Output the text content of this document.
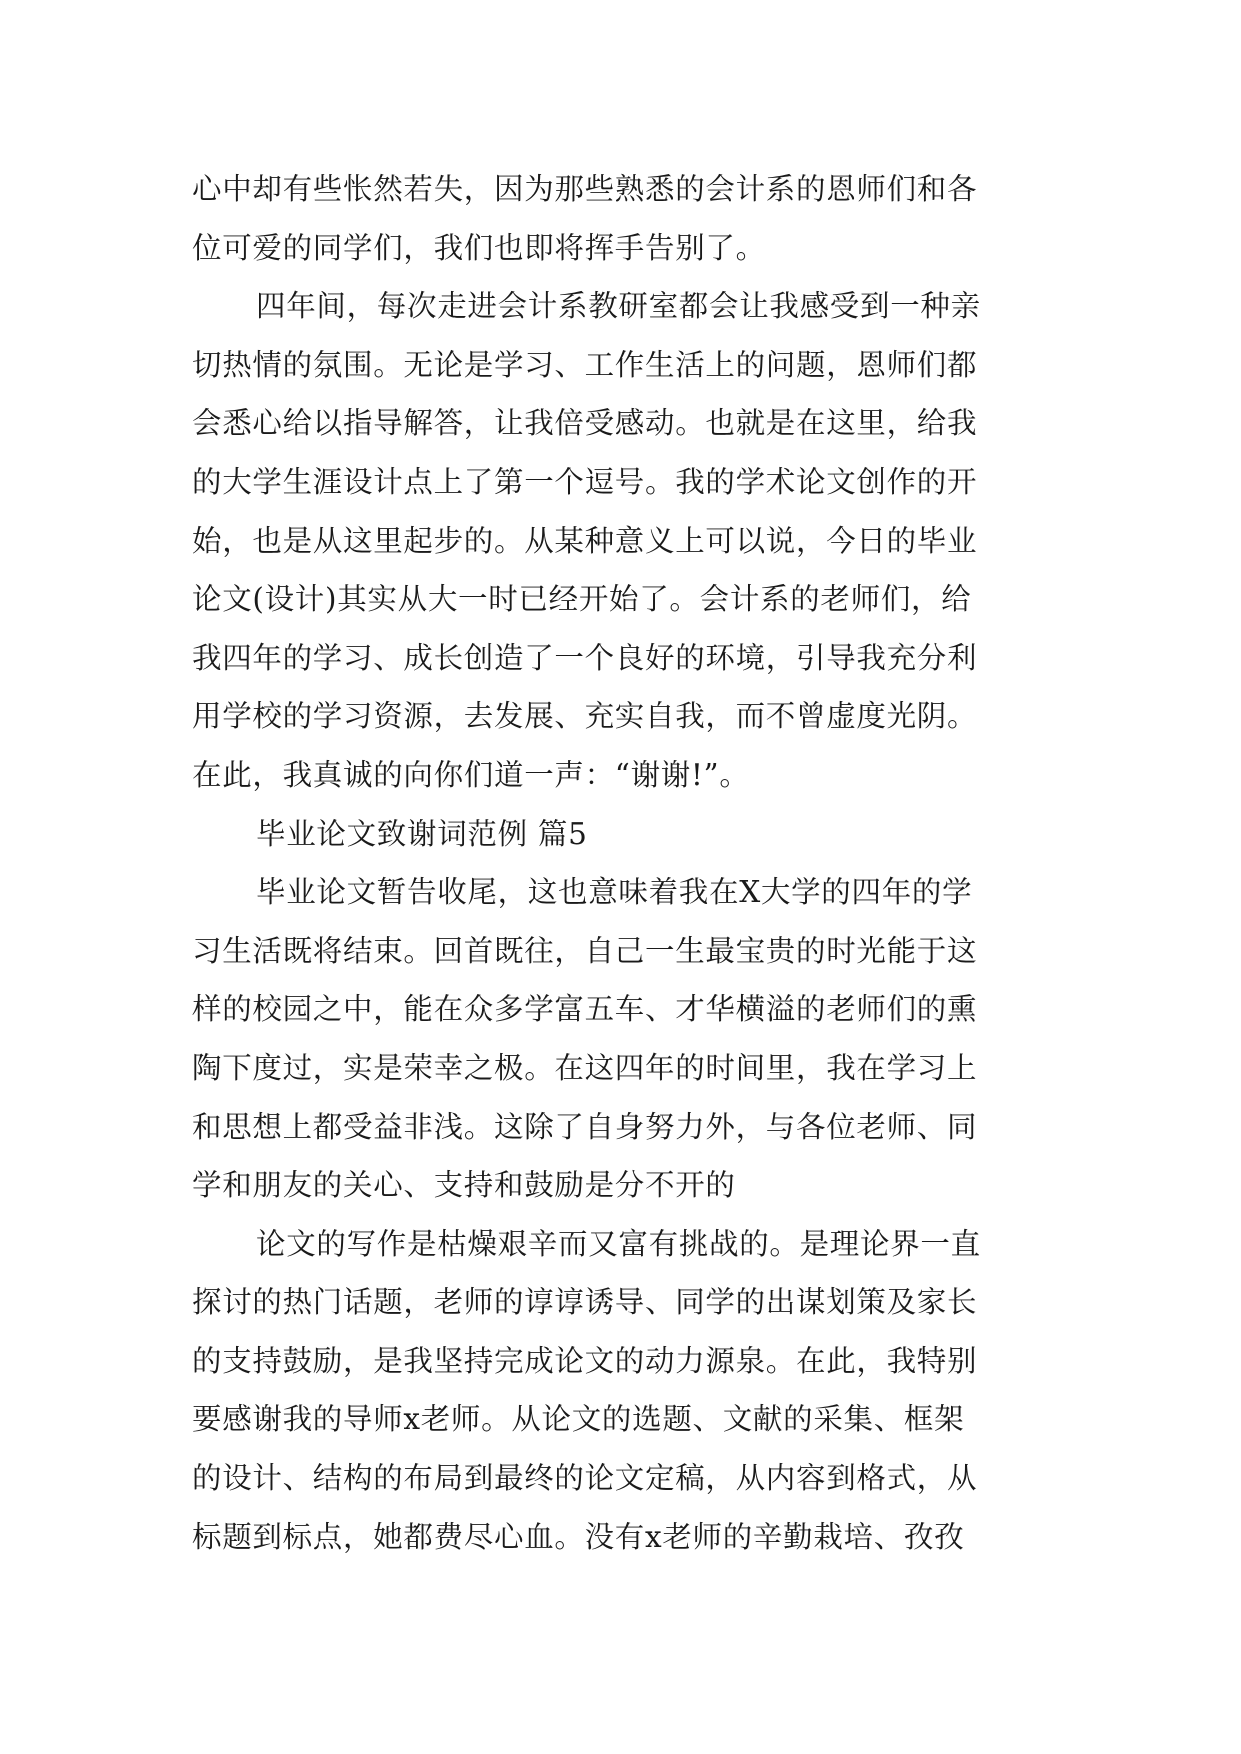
心中却有些怅然若失，因为那些熟悉的会计系的恩师们和各
位可爱的同学们，我们也即将挥手告别了。
四年间，每次走进会计系教研室都会让我感受到一种亲
切热情的氛围。无论是学习、工作生活上的问题，恩师们都
会悉心给以指导解答，让我倍受感动。也就是在这里，给我
的大学生涯设计点上了第一个逗号。我的学术论文创作的开
始，也是从这里起步的。从某种意义上可以说，今日的毕业
论文(设计)其实从大一时已经开始了。会计系的老师们，给
我四年的学习、成长创造了一个良好的环境，引导我充分利
用学校的学习资源，去发展、充实自我，而不曾虚度光阴。
在此，我真诚的向你们道一声：“谢谢!”。
毕业论文致谢词范例 篇5
毕业论文暂告收尾，这也意味着我在X大学的四年的学
习生活既将结束。回首既往，自己一生最宝贵的时光能于这
样的校园之中，能在众多学富五车、才华横溢的老师们的熏
陶下度过，实是荣幸之极。在这四年的时间里，我在学习上
和思想上都受益非浅。这除了自身努力外，与各位老师、同
学和朋友的关心、支持和鼓励是分不开的
论文的写作是枯燥艰辛而又富有挑战的。是理论界一直
探讨的热门话题，老师的谆谆诱导、同学的出谋划策及家长
的支持鼓励，是我坚持完成论文的动力源泉。在此，我特别
要感谢我的导师x老师。从论文的选题、文献的采集、框架
的设计、结构的布局到最终的论文定稿，从内容到格式，从
标题到标点，她都费尽心血。没有x老师的辛勤栽培、孜孜
